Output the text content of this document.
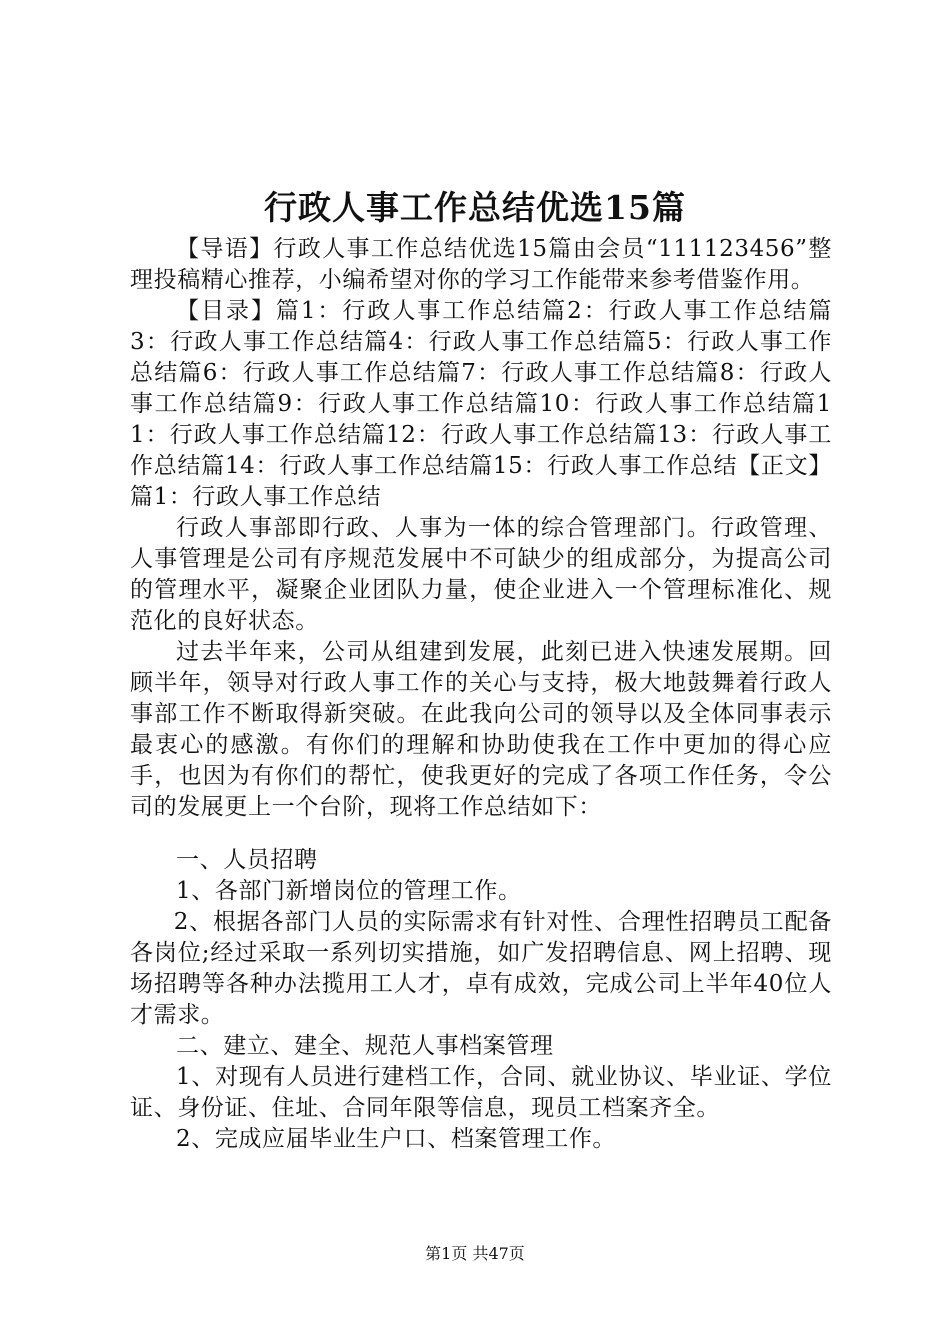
行政人事工作总结优选15篇

【导语】行政人事工作总结优选15篇由会员“111123456”整理投稿精心推荐，小编希望对你的学习工作能带来参考借鉴作用。

【目录】篇1：行政人事工作总结篇2：行政人事工作总结篇3：行政人事工作总结篇4：行政人事工作总结篇5：行政人事工作总结篇6：行政人事工作总结篇7：行政人事工作总结篇8：行政人事工作总结篇9：行政人事工作总结篇10：行政人事工作总结篇11：行政人事工作总结篇12：行政人事工作总结篇13：行政人事工作总结篇14：行政人事工作总结篇15：行政人事工作总结【正文】篇1：行政人事工作总结

行政人事部即行政、人事为一体的综合管理部门。行政管理、人事管理是公司有序规范发展中不可缺少的组成部分，为提高公司的管理水平，凝聚企业团队力量，使企业进入一个管理标准化、规范化的良好状态。

过去半年来，公司从组建到发展，此刻已进入快速发展期。回顾半年，领导对行政人事工作的关心与支持，极大地鼓舞着行政人事部工作不断取得新突破。在此我向公司的领导以及全体同事表示最衷心的感激。有你们的理解和协助使我在工作中更加的得心应手，也因为有你们的帮忙，使我更好的完成了各项工作任务，令公司的发展更上一个台阶，现将工作总结如下：

一、人员招聘

1、各部门新增岗位的管理工作。

2、根据各部门人员的实际需求有针对性、合理性招聘员工配备各岗位;经过采取一系列切实措施，如广发招聘信息、网上招聘、现场招聘等各种办法揽用工人才，卓有成效，完成公司上半年40位人才需求。

二、建立、建全、规范人事档案管理

1、对现有人员进行建档工作，合同、就业协议、毕业证、学位证、身份证、住址、合同年限等信息，现员工档案齐全。

2、完成应届毕业生户口、档案管理工作。

第1页 共47页
